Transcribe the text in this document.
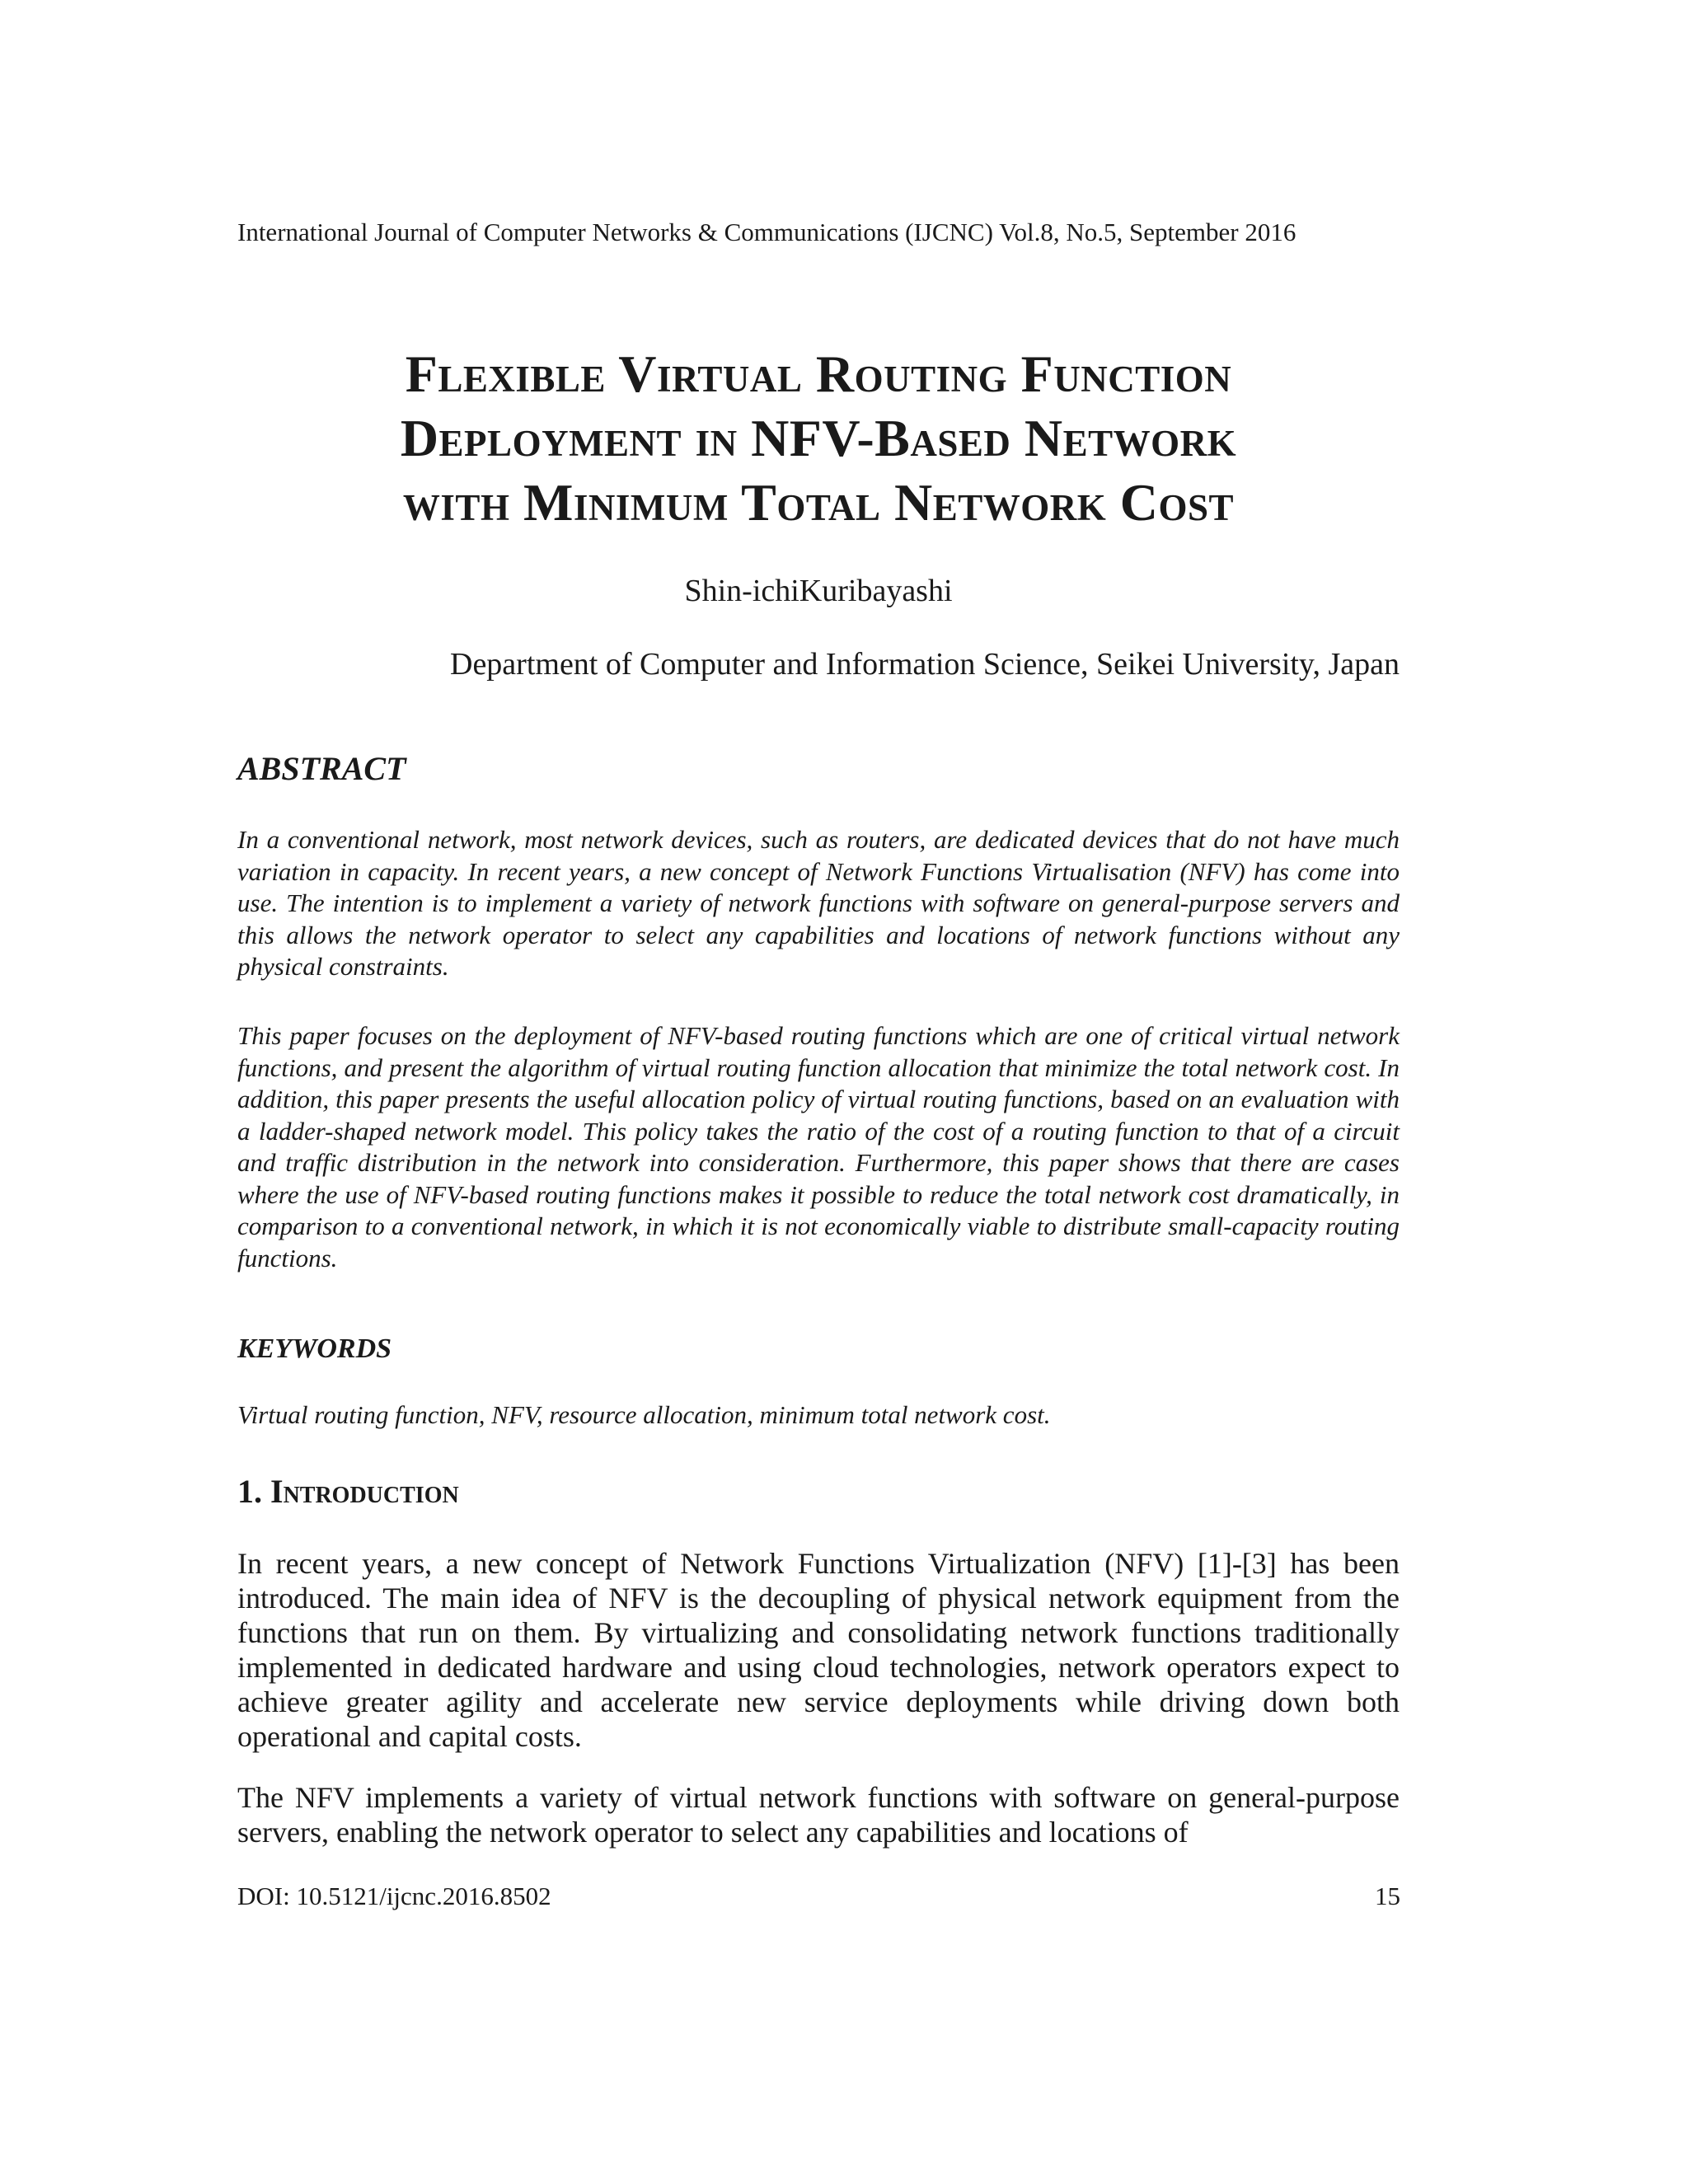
International Journal of Computer Networks & Communications (IJCNC) Vol.8, No.5, September 2016
Flexible Virtual Routing Function
Deployment in NFV-Based Network
with Minimum Total Network Cost
Shin-ichiKuribayashi
Department of Computer and Information Science, Seikei University, Japan
ABSTRACT
In a conventional network, most network devices, such as routers, are dedicated devices that do not have much variation in capacity. In recent years, a new concept of Network Functions Virtualisation (NFV) has come into use. The intention is to implement a variety of network functions with software on general-purpose servers and this allows the network operator to select any capabilities and locations of network functions without any physical constraints.
This paper focuses on the deployment of NFV-based routing functions which are one of critical virtual network functions, and present the algorithm of virtual routing function allocation that minimize the total network cost. In addition, this paper presents the useful allocation policy of virtual routing functions, based on an evaluation with a ladder-shaped network model. This policy takes the ratio of the cost of a routing function to that of a circuit and traffic distribution in the network into consideration. Furthermore, this paper shows that there are cases where the use of NFV-based routing functions makes it possible to reduce the total network cost dramatically, in comparison to a conventional network, in which it is not economically viable to distribute small-capacity routing functions.
KEYWORDS
Virtual routing function, NFV, resource allocation, minimum total network cost.
1. Introduction
In recent years, a new concept of Network Functions Virtualization (NFV) [1]-[3] has been introduced. The main idea of NFV is the decoupling of physical network equipment from the functions that run on them. By virtualizing and consolidating network functions traditionally implemented in dedicated hardware and using cloud technologies, network operators expect to achieve greater agility and accelerate new service deployments while driving down both operational and capital costs.
The NFV implements a variety of virtual network functions with software on general-purpose servers, enabling the network operator to select any capabilities and locations of
DOI: 10.5121/ijcnc.2016.8502	15
